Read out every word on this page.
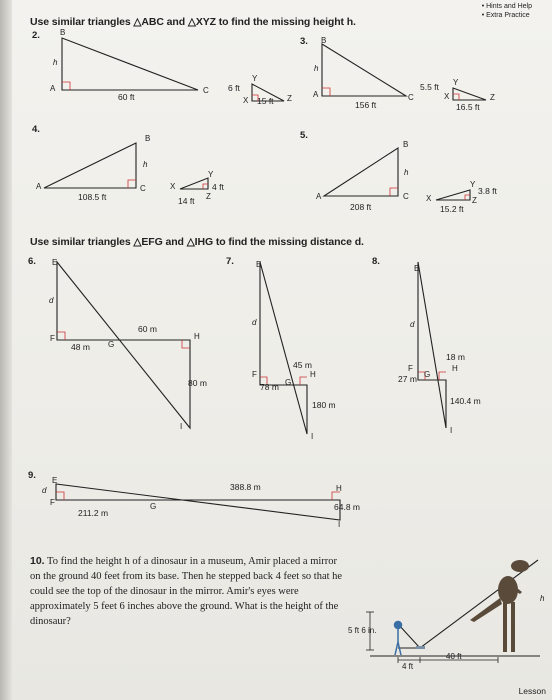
• Hints and Help
• Extra Practice
Use similar triangles △ABC and △XYZ to find the missing height h.
2.	B
h
A
60 ft
C 6 ft
Y
X 15 ft Z
3. B
h
A
156 ft
C
5.5 ft Y
X
16.5 ft
Z
4.
B
h
A
108.5 ft
C	X	4 ft
Y
14 ft Z
5.
B
h
A
208 ft
C X
3.8 ft
Y
15.2 ft
Z
Use similar triangles △EFG and △IHG to find the missing distance d.
6. E
d
F
48 m G
60 m
H
80 m
I
7.	E
d
F
78 m G
45 m
H
180 m
I
8.
E
d
F
27 m G
18 m
H
140.4 m
I
9. E
d
F
211.2 m
G
388.8 m	H
64.8 m
I
10. To find the height h of a dinosaur in a museum, Amir placed a mirror on the ground 40 feet from its base. Then he stepped back 4 feet so that he could see the top of the dinosaur in the mirror. Amir's eyes were approximately 5 feet 6 inches above the ground. What is the height of the dinosaur?
5 ft 6 in.
4 ft
40 ft
h
Lesson
